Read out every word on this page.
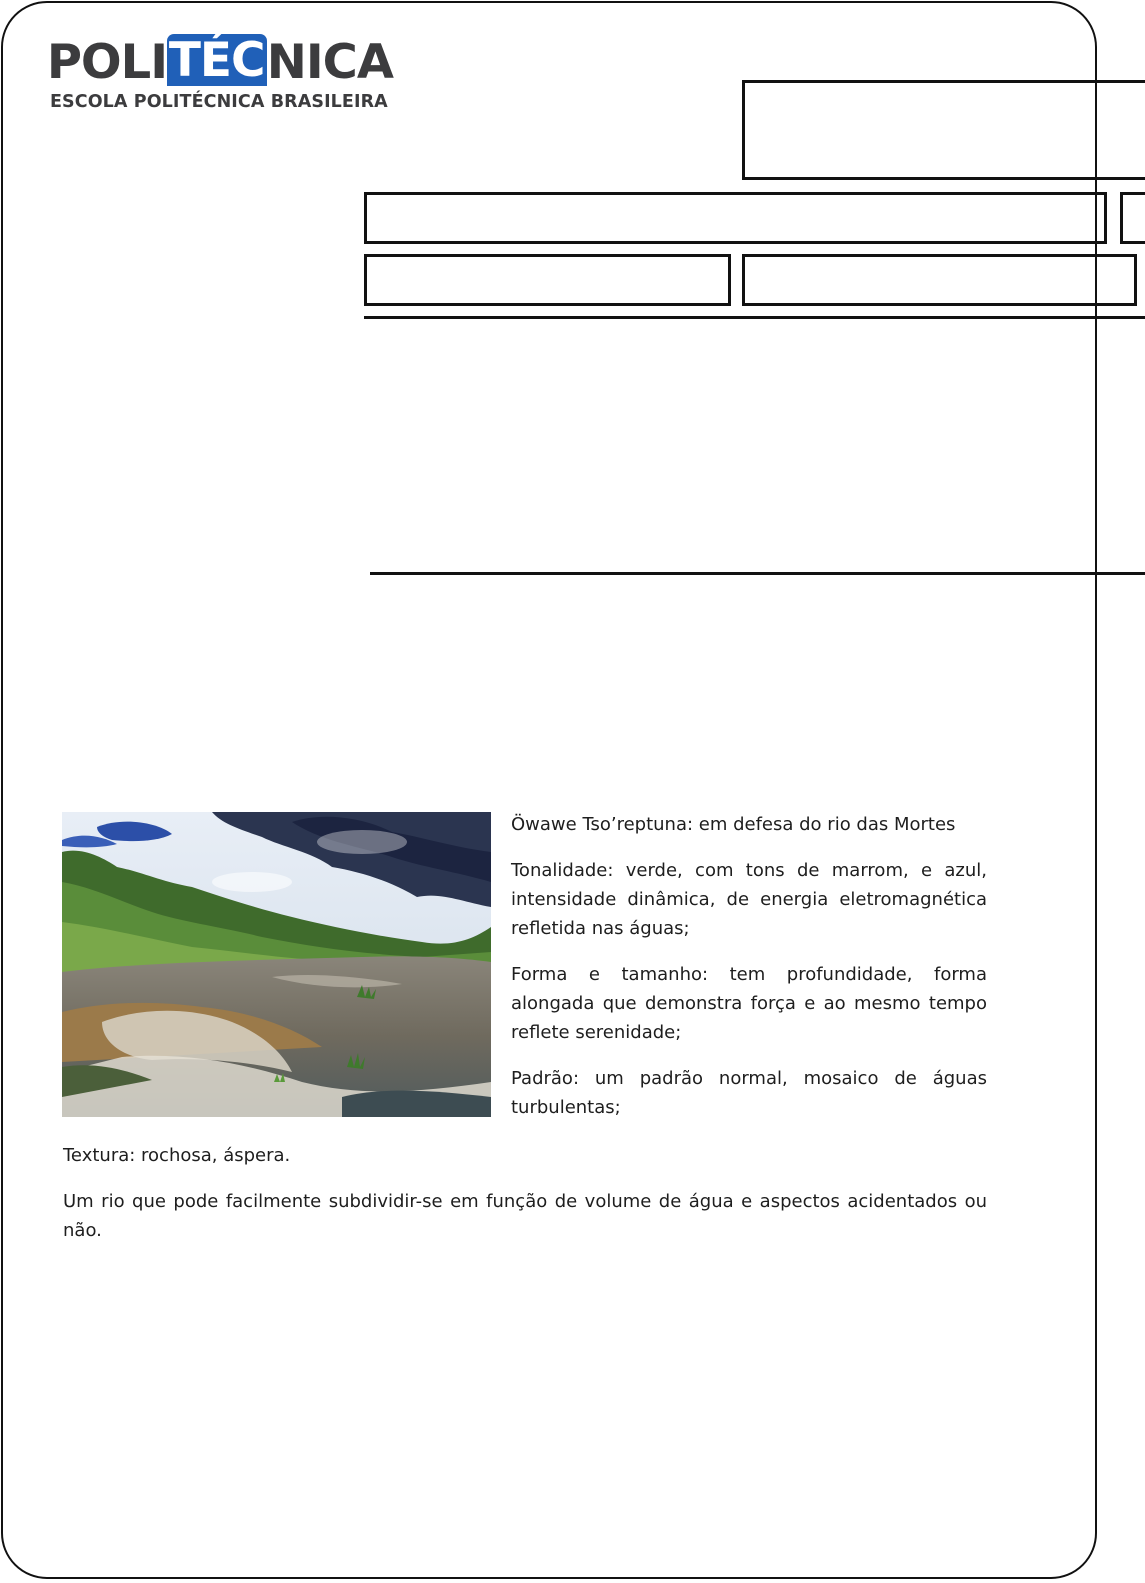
POLI TÉC NICA
ESCOLA POLITÉCNICA BRASILEIRA

Öwawe Tso’reptuna: em defesa do rio das Mortes

Tonalidade: verde, com tons de marrom, e azul, intensidade dinâmica, de energia eletromagnética refletida nas águas;

Forma e tamanho: tem profundidade, forma alongada que demonstra força e ao mesmo tempo reflete serenidade;

Padrão: um padrão normal, mosaico de águas turbulentas;

Textura: rochosa, áspera.

Um rio que pode facilmente subdividir-se em função de volume de água e aspectos acidentados ou não.
